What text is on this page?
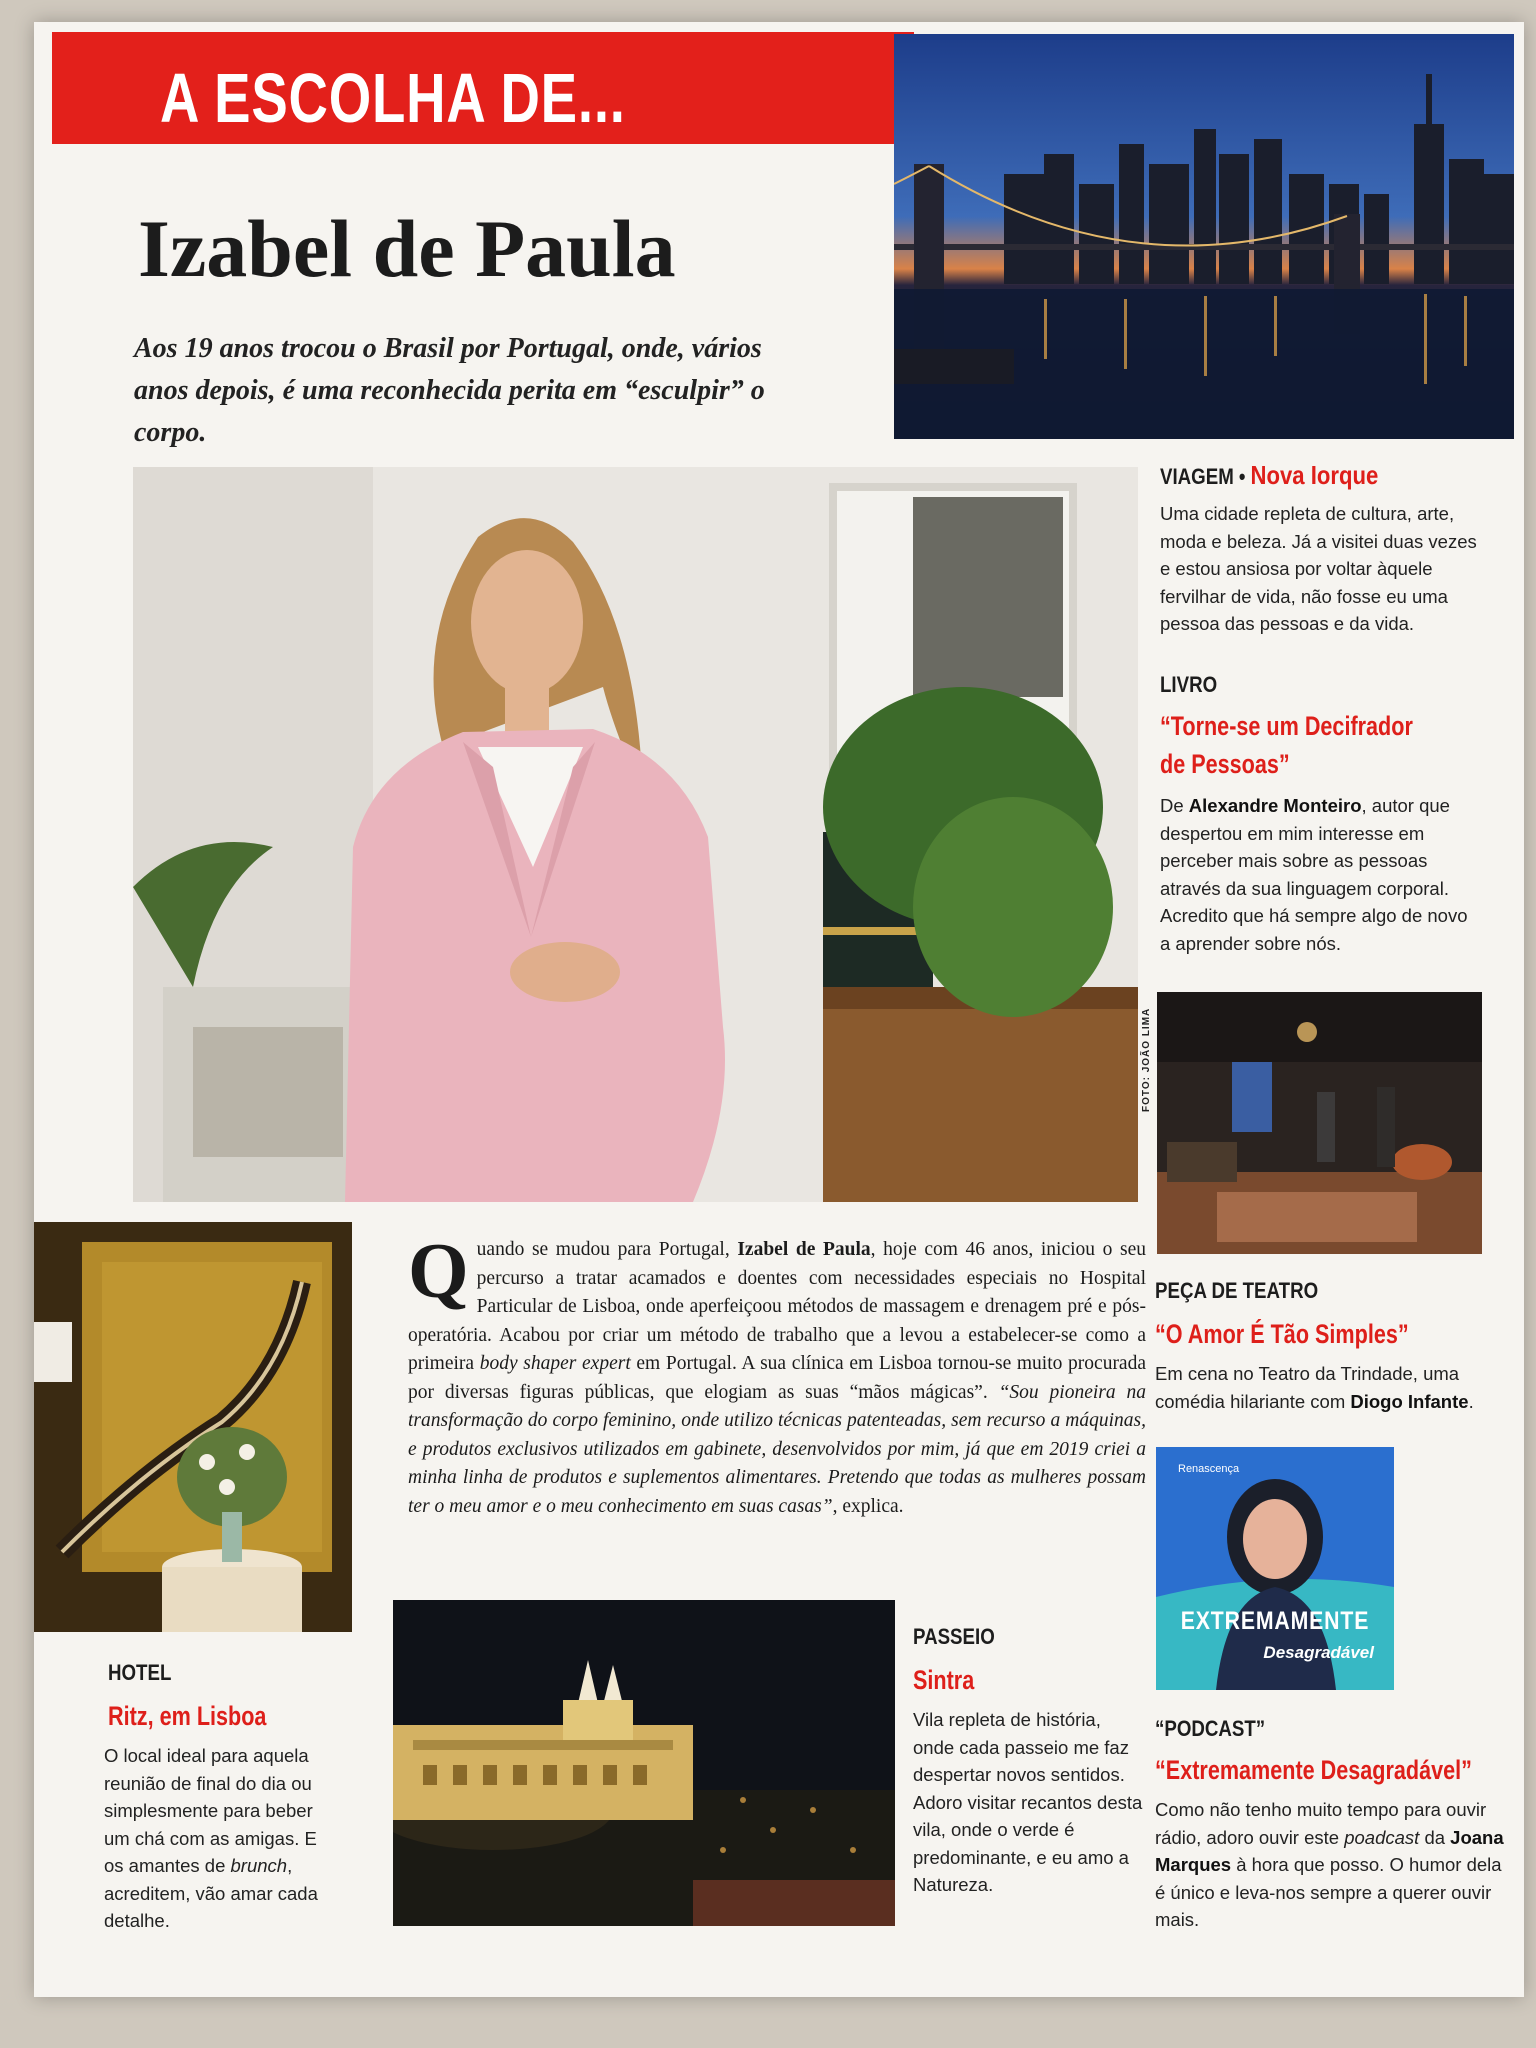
A ESCOLHA DE...

Izabel de Paula

Aos 19 anos trocou o Brasil por Portugal, onde, vários anos depois, é uma reconhecida perita em “esculpir” o corpo.

FOTO: JOÃO LIMA

Quando se mudou para Portugal, Izabel de Paula, hoje com 46 anos, iniciou o seu percurso a tratar acamados e doentes com necessidades especiais no Hospital Particular de Lisboa, onde aperfeiçoou métodos de massagem e drenagem pré e pós-operatória. Acabou por criar um método de trabalho que a levou a estabelecer-se como a primeira body shaper expert em Portugal. A sua clínica em Lisboa tornou-se muito procurada por diversas figuras públicas, que elogiam as suas “mãos mágicas”. “Sou pioneira na transformação do corpo feminino, onde utilizo técnicas patenteadas, sem recurso a máquinas, e produtos exclusivos utilizados em gabinete, desenvolvidos por mim, já que em 2019 criei a minha linha de produtos e suplementos alimentares. Pretendo que todas as mulheres possam ter o meu amor e o meu conhecimento em suas casas”, explica.

VIAGEM • Nova Iorque

Uma cidade repleta de cultura, arte, moda e beleza. Já a visitei duas vezes e estou ansiosa por voltar àquele fervilhar de vida, não fosse eu uma pessoa das pessoas e da vida.

LIVRO

“Torne-se um Decifrador

de Pessoas”

De Alexandre Monteiro, autor que despertou em mim interesse em perceber mais sobre as pessoas através da sua linguagem corporal. Acredito que há sempre algo de novo a aprender sobre nós.

PEÇA DE TEATRO

“O Amor É Tão Simples”

Em cena no Teatro da Trindade, uma comédia hilariante com Diogo Infante.

Renascença
EXTREMAMENTE
Desagradável

“PODCAST”

“Extremamente Desagradável”

Como não tenho muito tempo para ouvir rádio, adoro ouvir este poadcast da Joana Marques à hora que posso. O humor dela é único e leva-nos sempre a querer ouvir mais.

HOTEL

Ritz, em Lisboa

O local ideal para aquela reunião de final do dia ou simplesmente para beber um chá com as amigas. E os amantes de brunch, acreditem, vão amar cada detalhe.

PASSEIO

Sintra

Vila repleta de história, onde cada passeio me faz despertar novos sentidos. Adoro visitar recantos desta vila, onde o verde é predominante, e eu amo a Natureza.
